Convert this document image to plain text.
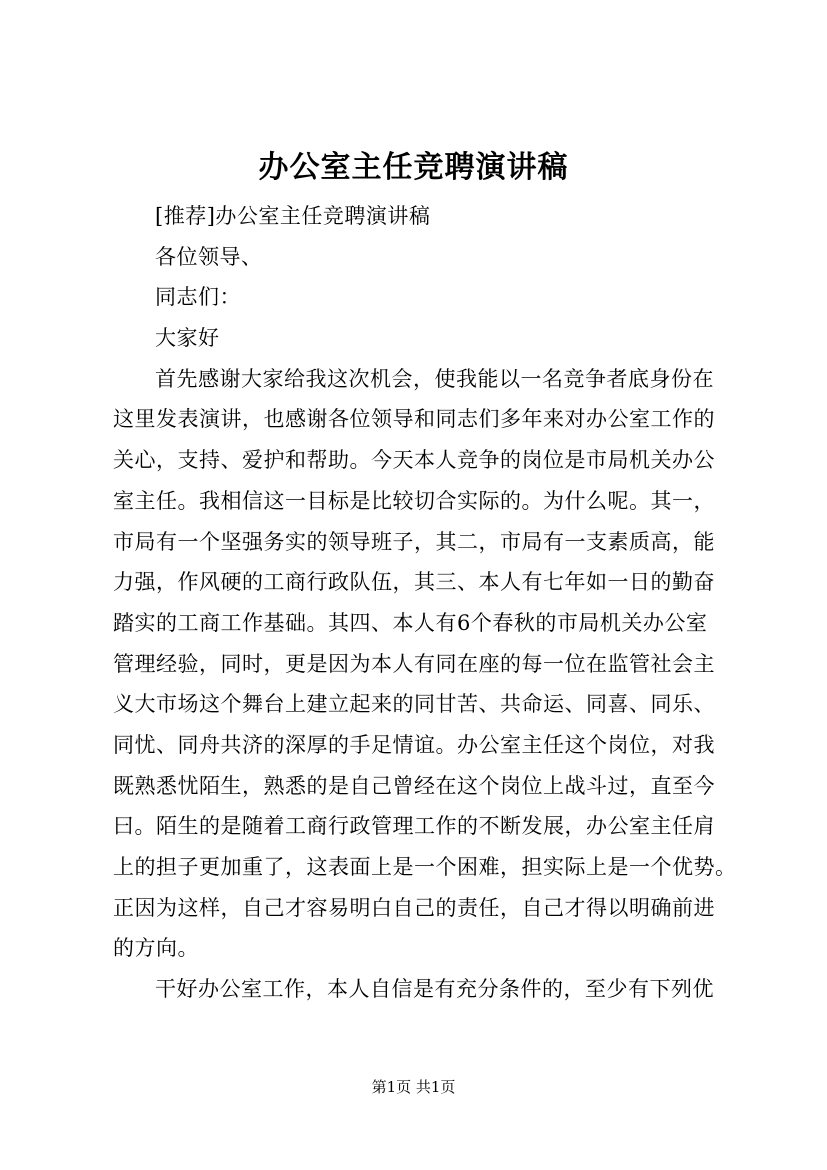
办公室主任竞聘演讲稿
[推荐]办公室主任竞聘演讲稿
各位领导、
同志们：
大家好
首先感谢大家给我这次机会，使我能以一名竞争者底身份在
这里发表演讲，也感谢各位领导和同志们多年来对办公室工作的
关心，支持、爱护和帮助。今天本人竞争的岗位是市局机关办公
室主任。我相信这一目标是比较切合实际的。为什么呢。其一，
市局有一个坚强务实的领导班子，其二，市局有一支素质高，能
力强，作风硬的工商行政队伍，其三、本人有七年如一日的勤奋
踏实的工商工作基础。其四、本人有6个春秋的市局机关办公室
管理经验，同时，更是因为本人有同在座的每一位在监管社会主
义大市场这个舞台上建立起来的同甘苦、共命运、同喜、同乐、
同忧、同舟共济的深厚的手足情谊。办公室主任这个岗位，对我
既熟悉忧陌生，熟悉的是自己曾经在这个岗位上战斗过，直至今
曰。陌生的是随着工商行政管理工作的不断发展，办公室主任肩
上的担子更加重了，这表面上是一个困难，担实际上是一个优势。
正因为这样，自己才容易明白自己的责任，自己才得以明确前进
的方向。
干好办公室工作，本人自信是有充分条件的，至少有下列优
第1页 共1页
